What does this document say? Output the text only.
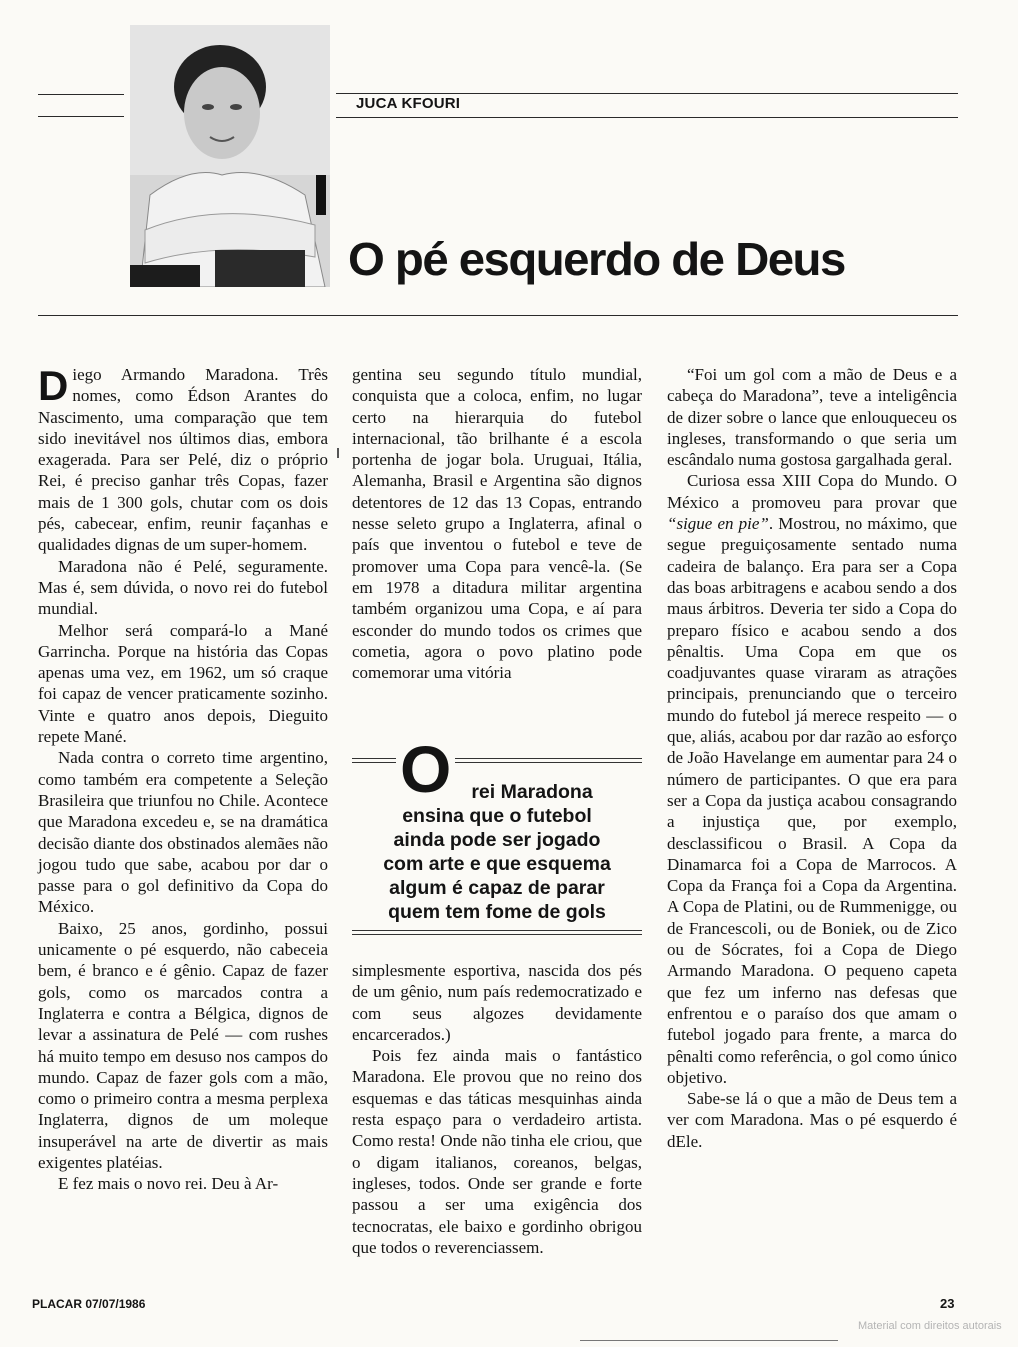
JUCA KFOURI
O pé esquerdo de Deus

Diego Armando Maradona. Três nomes, como Édson Arantes do Nascimento, uma comparação que tem sido inevitável nos últimos dias, embora exagerada. Para ser Pelé, diz o próprio Rei, é preciso ganhar três Copas, fazer mais de 1 300 gols, chutar com os dois pés, cabecear, enfim, reunir façanhas e qualidades dignas de um super-homem.

Maradona não é Pelé, seguramente. Mas é, sem dúvida, o novo rei do futebol mundial.

Melhor será compará-lo a Mané Garrincha. Porque na história das Copas apenas uma vez, em 1962, um só craque foi capaz de vencer praticamente sozinho. Vinte e quatro anos depois, Dieguito repete Mané.

Nada contra o correto time argentino, como também era competente a Seleção Brasileira que triunfou no Chile. Acontece que Maradona excedeu e, se na dramática decisão diante dos obstinados alemães não jogou tudo que sabe, acabou por dar o passe para o gol definitivo da Copa do México.

Baixo, 25 anos, gordinho, possui unicamente o pé esquerdo, não cabeceia bem, é branco e é gênio. Capaz de fazer gols, como os marcados contra a Inglaterra e contra a Bélgica, dignos de levar a assinatura de Pelé — com rushes há muito tempo em desuso nos campos do mundo. Capaz de fazer gols com a mão, como o primeiro contra a mesma perplexa Inglaterra, dignos de um moleque insuperável na arte de divertir as mais exigentes platéias.

E fez mais o novo rei. Deu à Ar-

gentina seu segundo título mundial, conquista que a coloca, enfim, no lugar certo na hierarquia do futebol internacional, tão brilhante é a escola portenha de jogar bola. Uruguai, Itália, Alemanha, Brasil e Argentina são dignos detentores de 12 das 13 Copas, entrando nesse seleto grupo a Inglaterra, afinal o país que inventou o futebol e teve de promover uma Copa para vencê-la. (Se em 1978 a ditadura militar argentina também organizou uma Copa, e aí para esconder do mundo todos os crimes que cometia, agora o povo platino pode comemorar uma vitória

O	rei Maradona
ensina que o futebol
ainda pode ser jogado
com arte e que esquema
algum é capaz de parar
quem tem fome de gols

simplesmente esportiva, nascida dos pés de um gênio, num país redemocratizado e com seus algozes devidamente encarcerados.)

Pois fez ainda mais o fantástico Maradona. Ele provou que no reino dos esquemas e das táticas mesquinhas ainda resta espaço para o verdadeiro artista. Como resta! Onde não tinha ele criou, que o digam italianos, coreanos, belgas, ingleses, todos. Onde ser grande e forte passou a ser uma exigência dos tecnocratas, ele baixo e gordinho obrigou que todos o reverenciassem.

“Foi um gol com a mão de Deus e a cabeça do Maradona”, teve a inteligência de dizer sobre o lance que enlouqueceu os ingleses, transformando o que seria um escândalo numa gostosa gargalhada geral.

Curiosa essa XIII Copa do Mundo. O México a promoveu para provar que “sigue en pie”. Mostrou, no máximo, que segue preguiçosamente sentado numa cadeira de balanço. Era para ser a Copa das boas arbitragens e acabou sendo a dos maus árbitros. Deveria ter sido a Copa do preparo físico e acabou sendo a dos pênaltis. Uma Copa em que os coadjuvantes quase viraram as atrações principais, prenunciando que o terceiro mundo do futebol já merece respeito — o que, aliás, acabou por dar razão ao esforço de João Havelange em aumentar para 24 o número de participantes. O que era para ser a Copa da justiça acabou consagrando a injustiça que, por exemplo, desclassificou o Brasil. A Copa da Dinamarca foi a Copa de Marrocos. A Copa da França foi a Copa da Argentina. A Copa de Platini, ou de Rummenigge, ou de Francescoli, ou de Boniek, ou de Zico ou de Sócrates, foi a Copa de Diego Armando Maradona. O pequeno capeta que fez um inferno nas defesas que enfrentou e o paraíso dos que amam o futebol jogado para frente, a marca do pênalti como referência, o gol como único objetivo.

Sabe-se lá o que a mão de Deus tem a ver com Maradona. Mas o pé esquerdo é dEle.

PLACAR 07/07/1986	23
Material com direitos autorais
